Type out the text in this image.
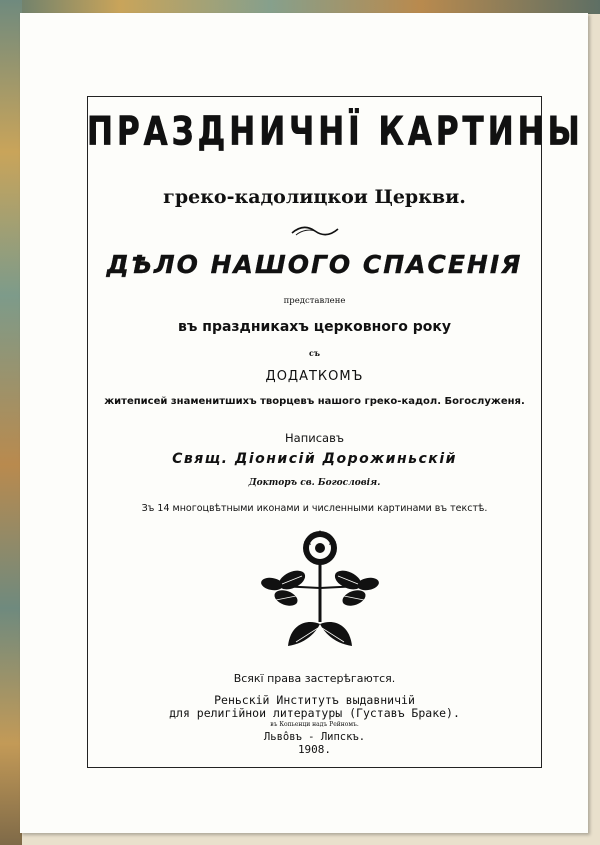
ПРАЗДНИЧНЇ КАРТИНЫ
греко-кадолицкои Церкви.
ДѢЛО НАШОГО СПАСЕНІЯ
представлене
въ праздникахъ церковного року
съ
ДОДАТКОМЪ
житеписей знаменитшихъ творцевъ нашого греко-кадол. Богослуженя.
Написавъ
Свящ. Діонисій Дорожиньскій
Докторъ св. Богословія.
Зъ 14 многоцвѣтными иконами и численными картинами въ текстѣ.
Всякї права застерѣгаются.
Реньскій Институтъ выдавничій
для религійнои литературы (Густавъ Браке).
въ Копьенци надъ Рейномъ.
Львôвъ - Липскъ.
1908.
